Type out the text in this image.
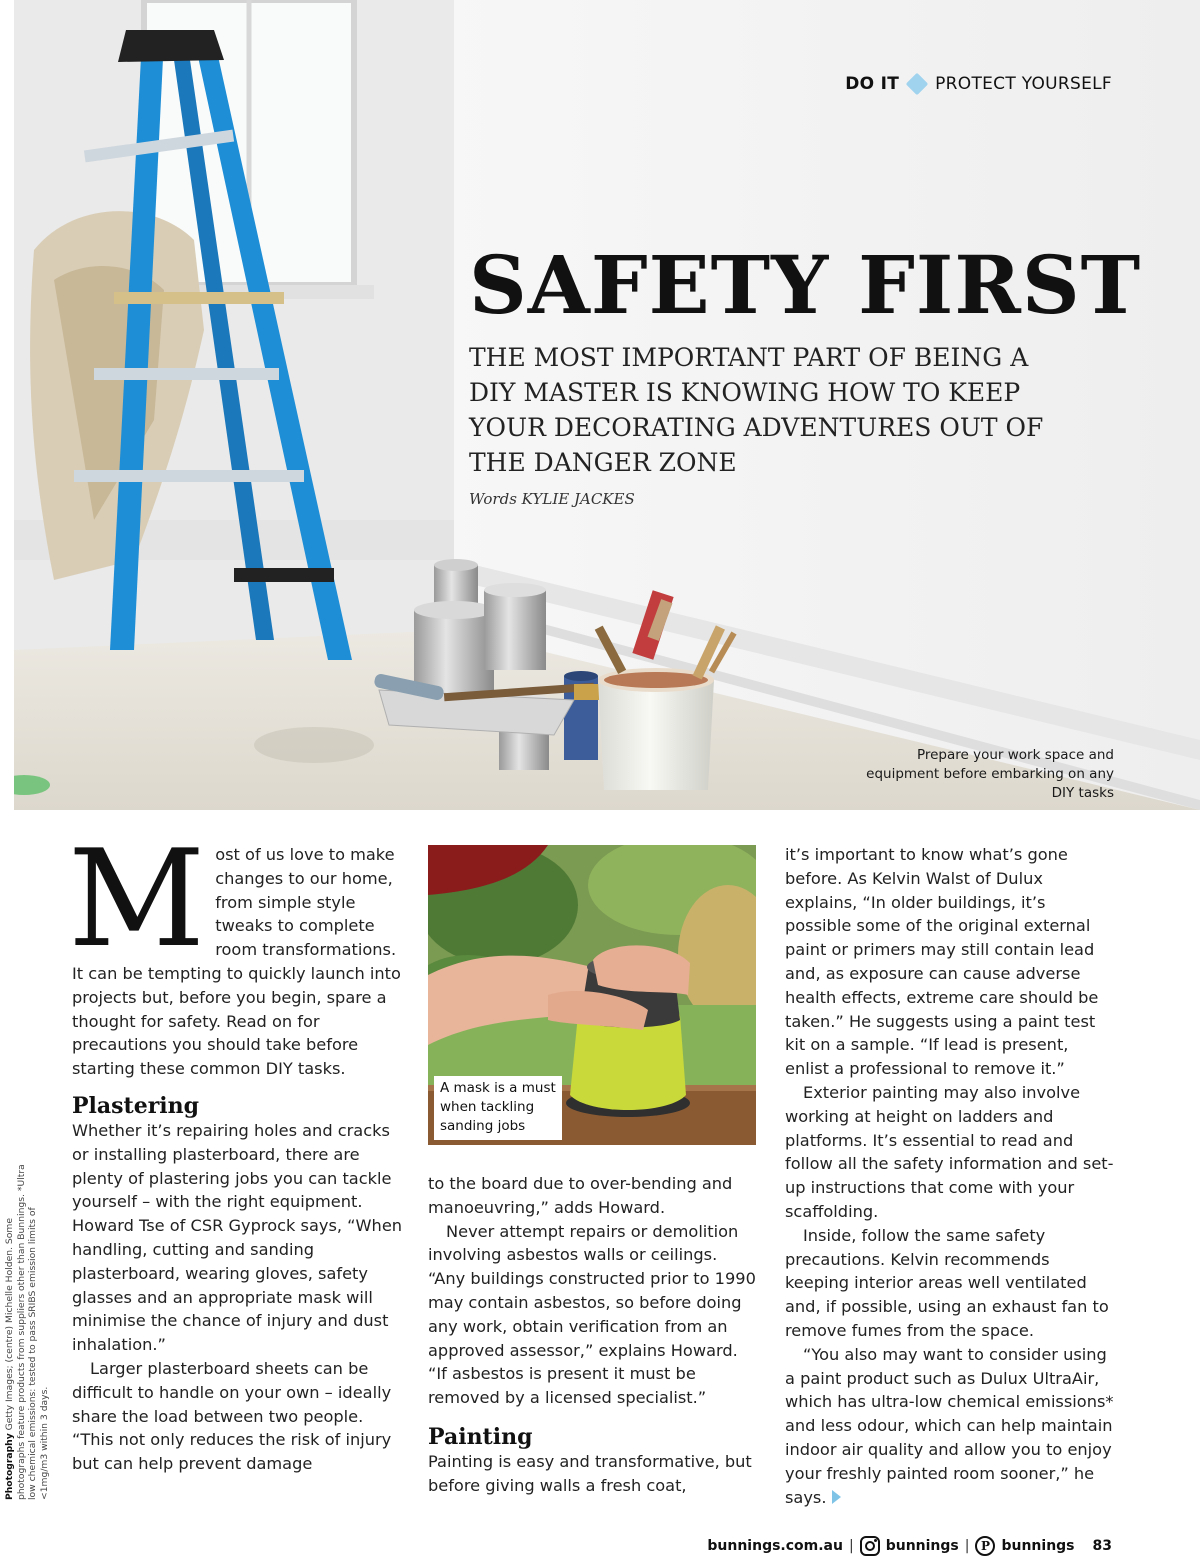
DO IT PROTECT YOURSELF
SAFETY FIRST
THE MOST IMPORTANT PART OF BEING A DIY MASTER IS KNOWING HOW TO KEEP YOUR DECORATING ADVENTURES OUT OF THE DANGER ZONE
Words KYLIE JACKES
Prepare your work space and equipment before embarking on any DIY tasks

M ost of us love to make changes to our home, from simple style tweaks to complete room transformations. It can be tempting to quickly launch into projects but, before you begin, spare a thought for safety. Read on for precautions you should take before starting these common DIY tasks.

Plastering

Whether it’s repairing holes and cracks or installing plasterboard, there are plenty of plastering jobs you can tackle yourself – with the right equipment. Howard Tse of CSR Gyprock says, “When handling, cutting and sanding plasterboard, wearing gloves, safety glasses and an appropriate mask will minimise the chance of injury and dust inhalation.”

Larger plasterboard sheets can be difficult to handle on your own – ideally share the load between two people. “This not only reduces the risk of injury but can help prevent damage

A mask is a must when tackling sanding jobs

to the board due to over-bending and manoeuvring,” adds Howard.

Never attempt repairs or demolition involving asbestos walls or ceilings. “Any buildings constructed prior to 1990 may contain asbestos, so before doing any work, obtain verification from an approved assessor,” explains Howard. “If asbestos is present it must be removed by a licensed specialist.”

Painting

Painting is easy and transformative, but before giving walls a fresh coat,

it’s important to know what’s gone before. As Kelvin Walst of Dulux explains, “In older buildings, it’s possible some of the original external paint or primers may still contain lead and, as exposure can cause adverse health effects, extreme care should be taken.” He suggests using a paint test kit on a sample. “If lead is present, enlist a professional to remove it.”

Exterior painting may also involve working at height on ladders and platforms. It’s essential to read and follow all the safety information and set-up instructions that come with your scaffolding.

Inside, follow the same safety precautions. Kelvin recommends keeping interior areas well ventilated and, if possible, using an exhaust fan to remove fumes from the space.

“You also may want to consider using a paint product such as Dulux UltraAir, which has ultra-low chemical emissions* and less odour, which can help maintain indoor air quality and allow you to enjoy your freshly painted room sooner,” he says.

Photography Getty Images; (centre) Michelle Holden. Some photographs feature products from suppliers other than Bunnings. *Ultra low chemical emissions: tested to pass SRIBS emission limits of <1mg/m3 within 3 days.
bunnings.com.au | bunnings | P bunnings 83
